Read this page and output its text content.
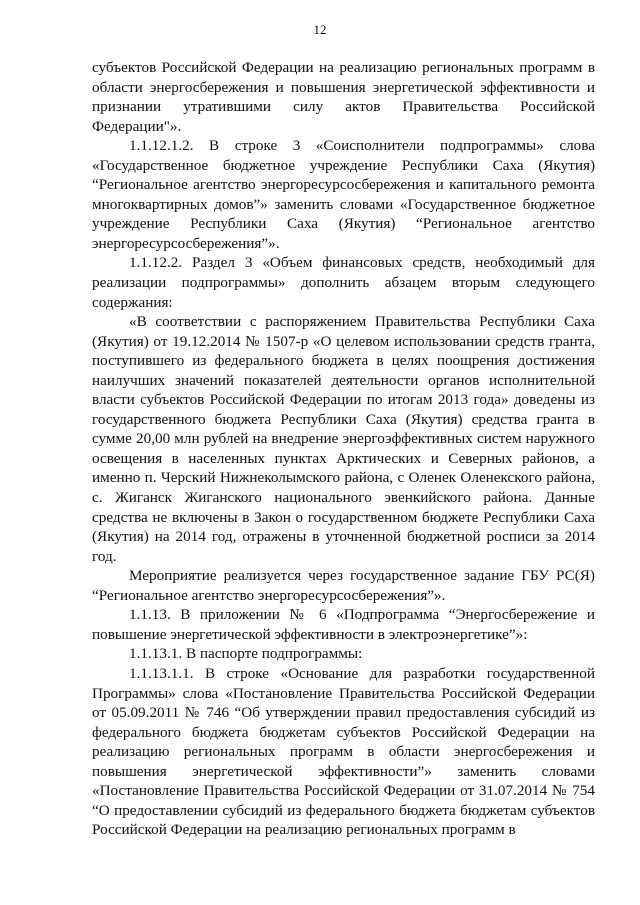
12

субъектов Российской Федерации на реализацию региональных программ в области энергосбережения и повышения энергетической эффективности и признании утратившими силу актов Правительства Российской Федерации"».

1.1.12.1.2. В строке 3 «Соисполнители подпрограммы» слова «Государственное бюджетное учреждение Республики Саха (Якутия) “Региональное агентство энергоресурсосбережения и капитального ремонта многоквартирных домов”» заменить словами «Государственное бюджетное учреждение Республики Саха (Якутия) “Региональное агентство энергоресурсосбережения”».

1.1.12.2. Раздел 3 «Объем финансовых средств, необходимый для реализации подпрограммы» дополнить абзацем вторым следующего содержания:

«В соответствии с распоряжением Правительства Республики Саха (Якутия) от 19.12.2014 № 1507-р «О целевом использовании средств гранта, поступившего из федерального бюджета в целях поощрения достижения наилучших значений показателей деятельности органов исполнительной власти субъектов Российской Федерации по итогам 2013 года» доведены из государственного бюджета Республики Саха (Якутия) средства гранта в сумме 20,00 млн рублей на внедрение энергоэффективных систем наружного освещения в населенных пунктах Арктических и Северных районов, а именно п. Черский Нижнеколымского района, с Оленек Оленекского района, с. Жиганск Жиганского национального эвенкийского района. Данные средства не включены в Закон о государственном бюджете Республики Саха (Якутия) на 2014 год, отражены в уточненной бюджетной росписи за 2014 год.

Мероприятие реализуется через государственное задание ГБУ РС(Я) “Региональное агентство энергоресурсосбережения”».

1.1.13. В приложении № 6 «Подпрограмма “Энергосбережение и повышение энергетической эффективности в электроэнергетике”»:

1.1.13.1. В паспорте подпрограммы:

1.1.13.1.1. В строке «Основание для разработки государственной Программы» слова «Постановление Правительства Российской Федерации от 05.09.2011 № 746 “Об утверждении правил предоставления субсидий из федерального бюджета бюджетам субъектов Российской Федерации на реализацию региональных программ в области энергосбережения и повышения энергетической эффективности”» заменить словами «Постановление Правительства Российской Федерации от 31.07.2014 № 754 “О предоставлении субсидий из федерального бюджета бюджетам субъектов Российской Федерации на реализацию региональных программ в
